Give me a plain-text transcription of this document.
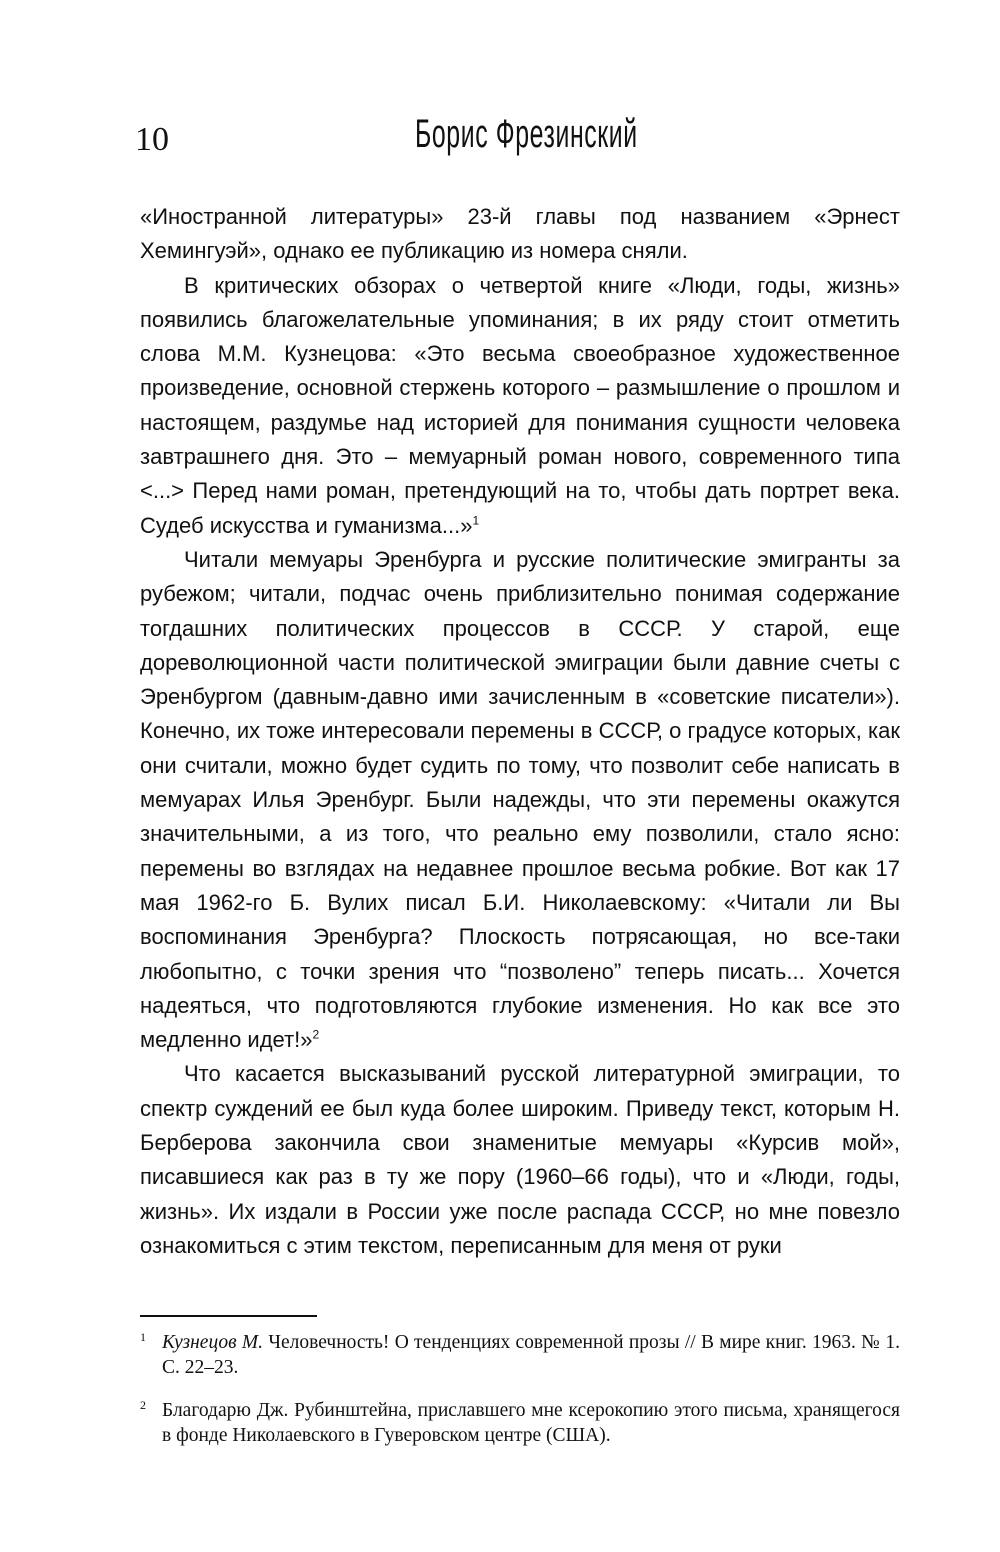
10	Борис Фрезинский

«Иностранной литературы» 23-й главы под названием «Эрнест Хемингуэй», однако ее публикацию из номера сняли.

В критических обзорах о четвертой книге «Люди, годы, жизнь» появились благожелательные упоминания; в их ряду стоит отметить слова М.М. Кузнецова: «Это весьма своеобразное художественное произведение, основной стержень которого – размышление о прошлом и настоящем, раздумье над историей для понимания сущности человека завтрашнего дня. Это – мемуарный роман нового, современного типа <...> Перед нами роман, претендующий на то, чтобы дать портрет века. Судеб искусства и гуманизма...»$^1$

Читали мемуары Эренбурга и русские политические эмигранты за рубежом; читали, подчас очень приблизительно понимая содержание тогдашних политических процессов в СССР. У старой, еще дореволюционной части политической эмиграции были давние счеты с Эренбургом (давным-давно ими зачисленным в «советские писатели»). Конечно, их тоже интересовали перемены в СССР, о градусе которых, как они считали, можно будет судить по тому, что позволит себе написать в мемуарах Илья Эренбург. Были надежды, что эти перемены окажутся значительными, а из того, что реально ему позволили, стало ясно: перемены во взглядах на недавнее прошлое весьма робкие. Вот как 17 мая 1962-го Б. Вулих писал Б.И. Николаевскому: «Читали ли Вы воспоминания Эренбурга? Плоскость потрясающая, но все-таки любопытно, с точки зрения что “позволено” теперь писать... Хочется надеяться, что подготовляются глубокие изменения. Но как все это медленно идет!»$^2$

Что касается высказываний русской литературной эмиграции, то спектр суждений ее был куда более широким. Приведу текст, которым Н. Берберова закончила свои знаменитые мемуары «Курсив мой», писавшиеся как раз в ту же пору (1960–66 годы), что и «Люди, годы, жизнь». Их издали в России уже после распада СССР, но мне повезло ознакомиться с этим текстом, переписанным для меня от руки

1 Кузнецов М. Человечность! О тенденциях современной прозы // В мире книг. 1963. № 1. С. 22–23.

2 Благодарю Дж. Рубинштейна, приславшего мне ксерокопию этого письма, хранящегося в фонде Николаевского в Гуверовском центре (США).
